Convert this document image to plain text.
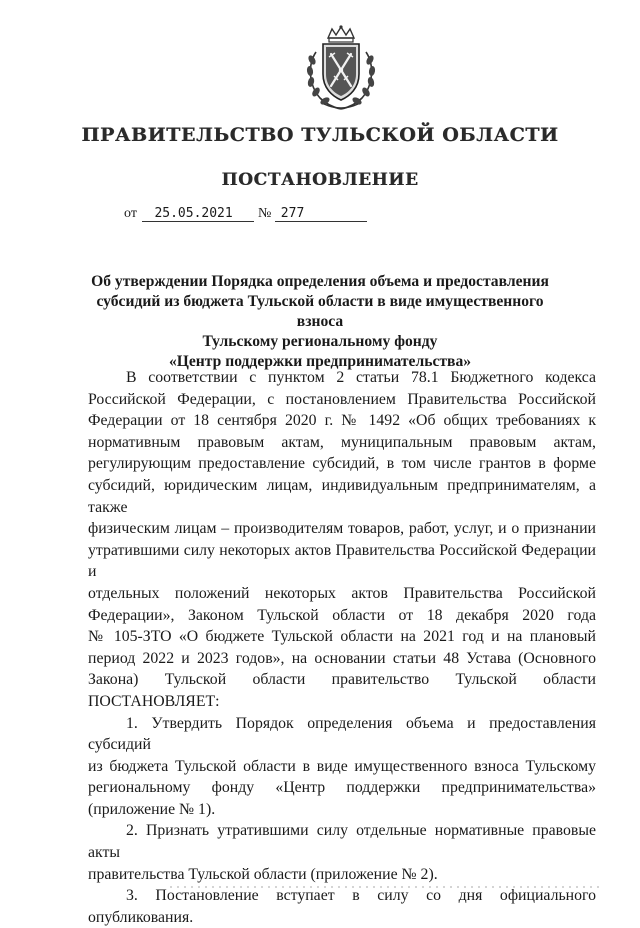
ПРАВИТЕЛЬСТВО ТУЛЬСКОЙ ОБЛАСТИ
ПОСТАНОВЛЕНИЕ
от 25.05.2021 № 277
Об утверждении Порядка определения объема и предоставления
субсидий из бюджета Тульской области в виде имущественного взноса
Тульскому региональному фонду
«Центр поддержки предпринимательства»

В соответствии с пунктом 2 статьи 78.1 Бюджетного кодекса

Российской Федерации, с постановлением Правительства Российской

Федерации от 18 сентября 2020 г. № 1492 «Об общих требованиях к

нормативным правовым актам, муниципальным правовым актам,

регулирующим предоставление субсидий, в том числе грантов в форме

субсидий, юридическим лицам, индивидуальным предпринимателям, а также

физическим лицам – производителям товаров, работ, услуг, и о признании

утратившими силу некоторых актов Правительства Российской Федерации и

отдельных положений некоторых актов Правительства Российской

Федерации», Законом Тульской области от 18 декабря 2020 года

№ 105-ЗТО «О бюджете Тульской области на 2021 год и на плановый

период 2022 и 2023 годов», на основании статьи 48 Устава (Основного

Закона) Тульской области правительство Тульской области

ПОСТАНОВЛЯЕТ:

1. Утвердить Порядок определения объема и предоставления субсидий

из бюджета Тульской области в виде имущественного взноса Тульскому

региональному фонду «Центр поддержки предпринимательства»

(приложение № 1).

2. Признать утратившими силу отдельные нормативные правовые акты

правительства Тульской области (приложение № 2).

3. Постановление вступает в силу со дня официального опубликования.
